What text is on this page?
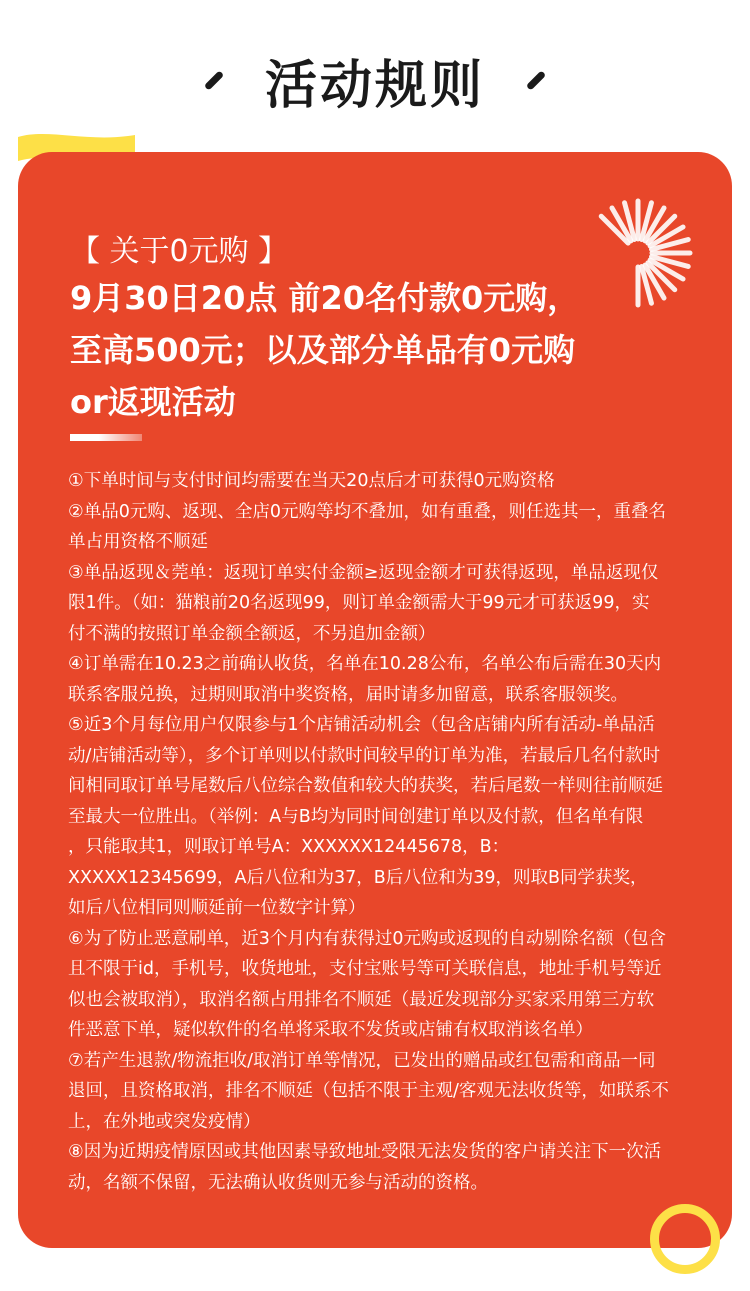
活动规则
【 关于0元购 】
9月30日20点 前20名付款0元购，
至高500元；以及部分单品有0元购
or返现活动
①下单时间与支付时间均需要在当天20点后才可获得0元购资格
②单品0元购、返现、全店0元购等均不叠加，如有重叠，则任选其一，重叠名
单占用资格不顺延
③单品返现＆莞单：返现订单实付金额≥返现金额才可获得返现，单品返现仅
限1件。（如：猫粮前20名返现99，则订单金额需大于99元才可获返99，实
付不满的按照订单金额全额返，不另追加金额）
④订单需在10.23之前确认收货，名单在10.28公布，名单公布后需在30天内
联系客服兑换，过期则取消中奖资格，届时请多加留意，联系客服领奖。
⑤近3个月每位用户仅限参与1个店铺活动机会（包含店铺内所有活动-单品活
动/店铺活动等），多个订单则以付款时间较早的订单为准，若最后几名付款时
间相同取订单号尾数后八位综合数值和较大的获奖，若后尾数一样则往前顺延
至最大一位胜出。（举例：A与B均为同时间创建订单以及付款，但名单有限
，只能取其1，则取订单号A：XXXXXX12445678，B：
XXXXX12345699，A后八位和为37，B后八位和为39，则取B同学获奖，
如后八位相同则顺延前一位数字计算）
⑥为了防止恶意刷单，近3个月内有获得过0元购或返现的自动剔除名额（包含
且不限于id，手机号，收货地址，支付宝账号等可关联信息，地址手机号等近
似也会被取消），取消名额占用排名不顺延（最近发现部分买家采用第三方软
件恶意下单，疑似软件的名单将采取不发货或店铺有权取消该名单）
⑦若产生退款/物流拒收/取消订单等情况，已发出的赠品或红包需和商品一同
退回，且资格取消，排名不顺延（包括不限于主观/客观无法收货等，如联系不
上，在外地或突发疫情）
⑧因为近期疫情原因或其他因素导致地址受限无法发货的客户请关注下一次活
动，名额不保留，无法确认收货则无参与活动的资格。
